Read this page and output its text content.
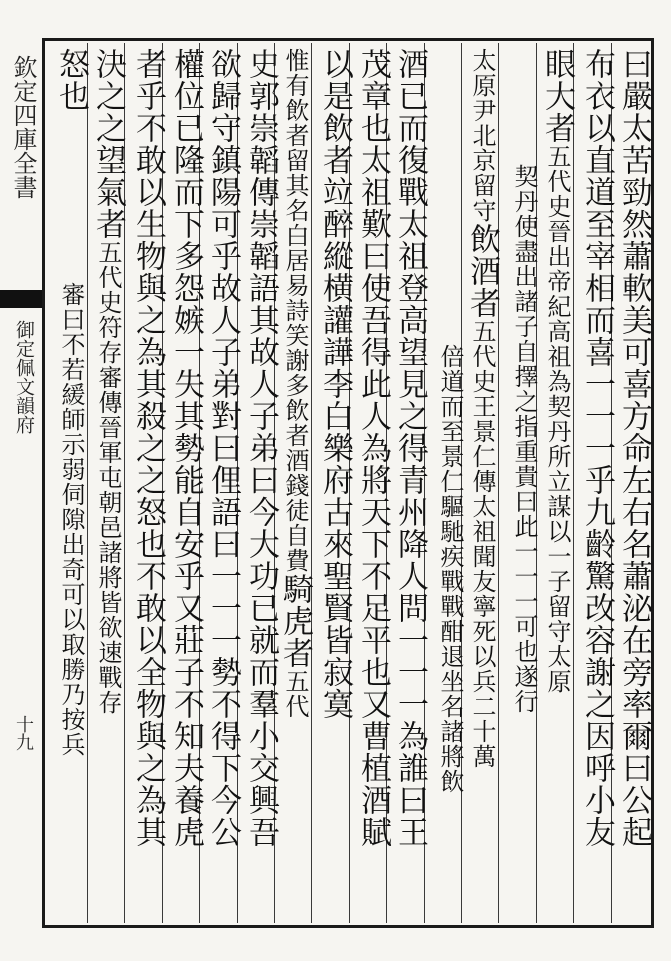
欽定四庫全書
御定佩文韻府
十九	曰嚴太苦勁然蕭軟美可喜方命左右名蕭泌在旁率爾曰公起
布衣以直道至宰相而喜一一一乎九齡驚改容謝之因呼小友
眼大者五代史晉出帝紀高祖為契丹所立謀以一子留守太原
契丹使盡出諸子自擇之指重貴曰此一一一可也遂行
太原尹北京留守飲酒者五代史王景仁傳太祖聞友寧死以兵二十萬
倍道而至景仁驅馳疾戰戰酣退坐名諸將飲
酒已而復戰太祖登高望見之得青州降人問一一一為誰曰王
茂章也太祖歎曰使吾得此人為將天下不足平也又曹植酒賦
以是飲者竝醉縱横讙譁李白樂府古來聖賢皆寂寞
惟有飲者留其名白居易詩笑謝多飲者酒錢徒自費騎虎者五代
史郭崇韜傳崇韜語其故人子弟曰今大功已就而羣小交興吾
欲歸守鎮陽可乎故人子弟對曰俚語曰一一一勢不得下今公
權位已隆而下多怨嫉一失其勢能自安乎又莊子不知夫養虎
者乎不敢以生物與之為其殺之之怒也不敢以全物與之為其
決之之望氣者五代史符存審傳晉軍屯朝邑諸將皆欲速戰存
怒也審曰不若緩師示弱伺隙出奇可以取勝乃按兵
